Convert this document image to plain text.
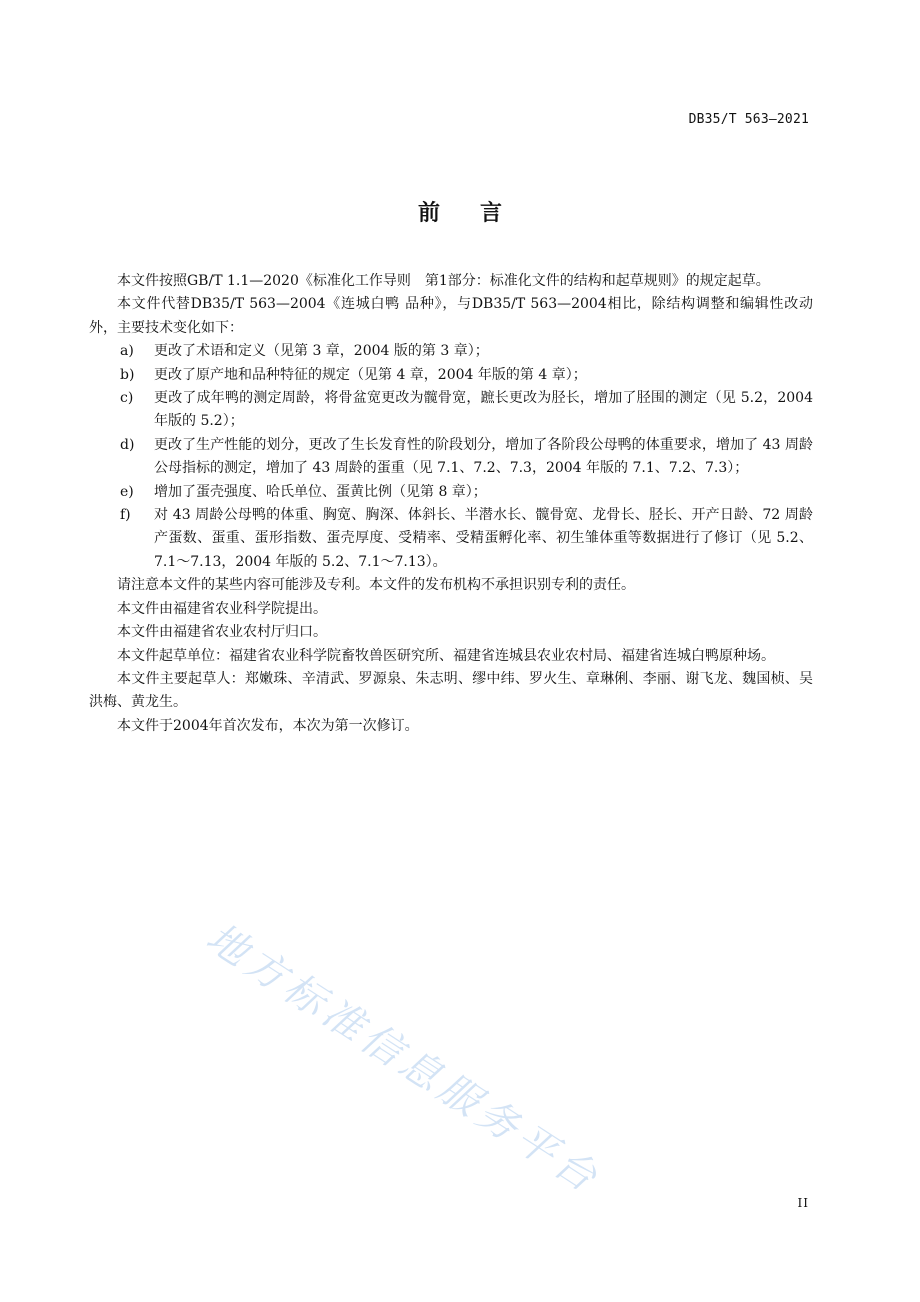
DB35/T 563—2021
前言

本文件按照GB/T 1.1—2020《标准化工作导则　第1部分：标准化文件的结构和起草规则》的规定起草。

本文件代替DB35/T 563—2004《连城白鸭 品种》，与DB35/T 563—2004相比，除结构调整和编辑性改动外，主要技术变化如下：

a) 更改了术语和定义（见第 3 章，2004 版的第 3 章）；
b) 更改了原产地和品种特征的规定（见第 4 章，2004 年版的第 4 章）；
c) 更改了成年鸭的测定周龄，将骨盆宽更改为髋骨宽，蹠长更改为胫长，增加了胫围的测定（见 5.2，2004 年版的 5.2）；
d) 更改了生产性能的划分，更改了生长发育性的阶段划分，增加了各阶段公母鸭的体重要求，增加了 43 周龄公母指标的测定，增加了 43 周龄的蛋重（见 7.1、7.2、7.3，2004 年版的 7.1、7.2、7.3）；
e) 增加了蛋壳强度、哈氏单位、蛋黄比例（见第 8 章）；
f) 对 43 周龄公母鸭的体重、胸宽、胸深、体斜长、半潜水长、髋骨宽、龙骨长、胫长、开产日龄、72 周龄产蛋数、蛋重、蛋形指数、蛋壳厚度、受精率、受精蛋孵化率、初生雏体重等数据进行了修订（见 5.2、7.1～7.13，2004 年版的 5.2、7.1～7.13）。

请注意本文件的某些内容可能涉及专利。本文件的发布机构不承担识别专利的责任。

本文件由福建省农业科学院提出。

本文件由福建省农业农村厅归口。

本文件起草单位：福建省农业科学院畜牧兽医研究所、福建省连城县农业农村局、福建省连城白鸭原种场。

本文件主要起草人：郑嫩珠、辛清武、罗源泉、朱志明、缪中纬、罗火生、章琳俐、李丽、谢飞龙、魏国桢、吴洪梅、黄龙生。

本文件于2004年首次发布，本次为第一次修订。

地方标准信息服务平台	II
